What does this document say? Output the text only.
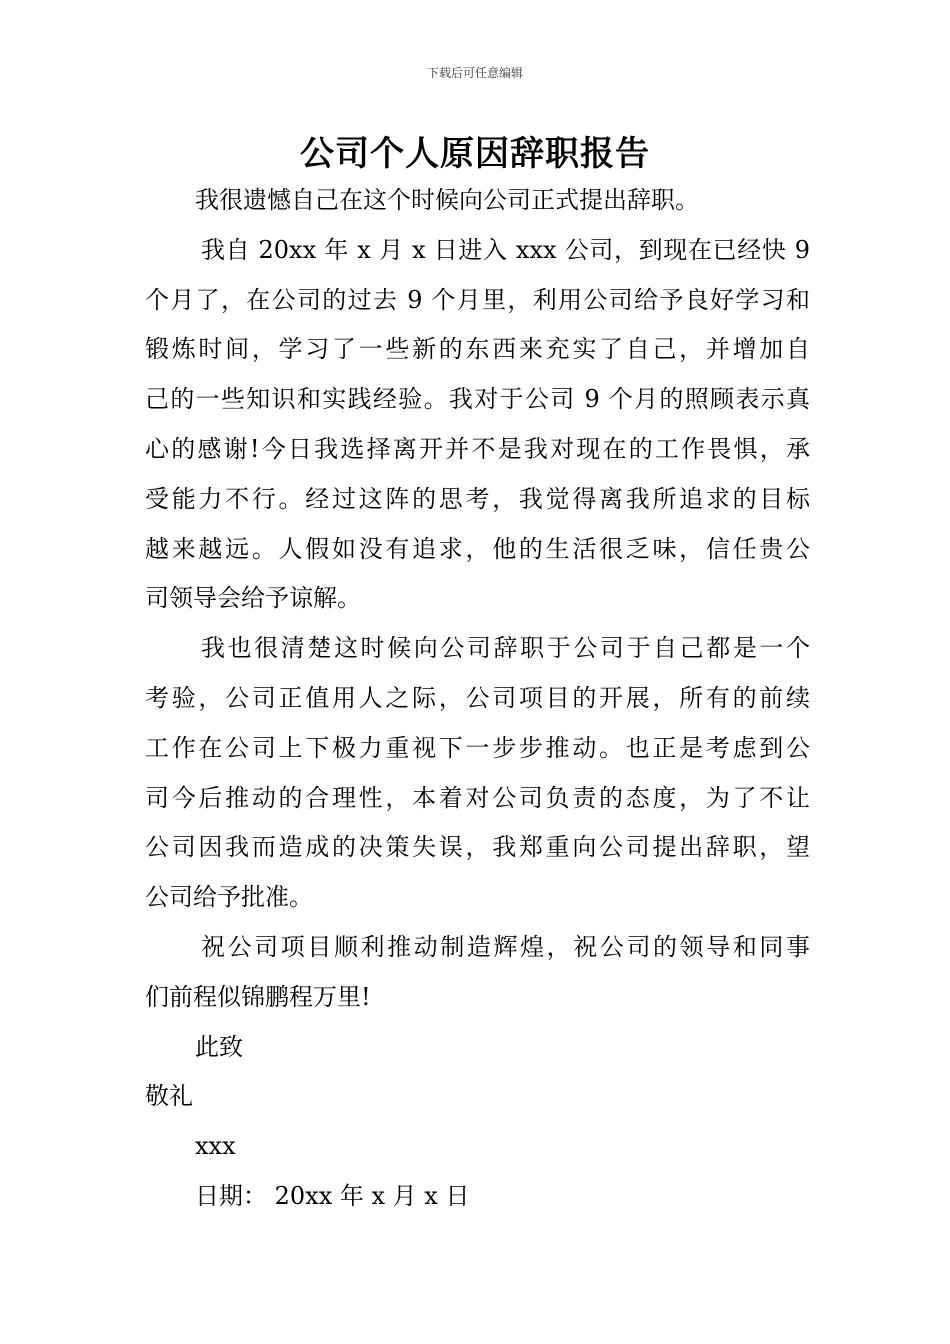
下载后可任意编辑
公司个人原因辞职报告
我很遗憾自己在这个时候向公司正式提出辞职。
我自 20xx 年 x 月 x 日进入 xxx 公司，到现在已经快 9
个月了，在公司的过去 9 个月里，利用公司给予良好学习和
锻炼时间，学习了一些新的东西来充实了自己，并增加自
己的一些知识和实践经验。我对于公司 9 个月的照顾表示真
心的感谢!今日我选择离开并不是我对现在的工作畏惧，承
受能力不行。经过这阵的思考，我觉得离我所追求的目标
越来越远。人假如没有追求，他的生活很乏味，信任贵公
司领导会给予谅解。
我也很清楚这时候向公司辞职于公司于自己都是一个
考验，公司正值用人之际，公司项目的开展，所有的前续
工作在公司上下极力重视下一步步推动。也正是考虑到公
司今后推动的合理性，本着对公司负责的态度，为了不让
公司因我而造成的决策失误，我郑重向公司提出辞职，望
公司给予批准。
祝公司项目顺利推动制造辉煌，祝公司的领导和同事
们前程似锦鹏程万里!
此致
敬礼
xxx
日期： 20xx 年 x 月 x 日
